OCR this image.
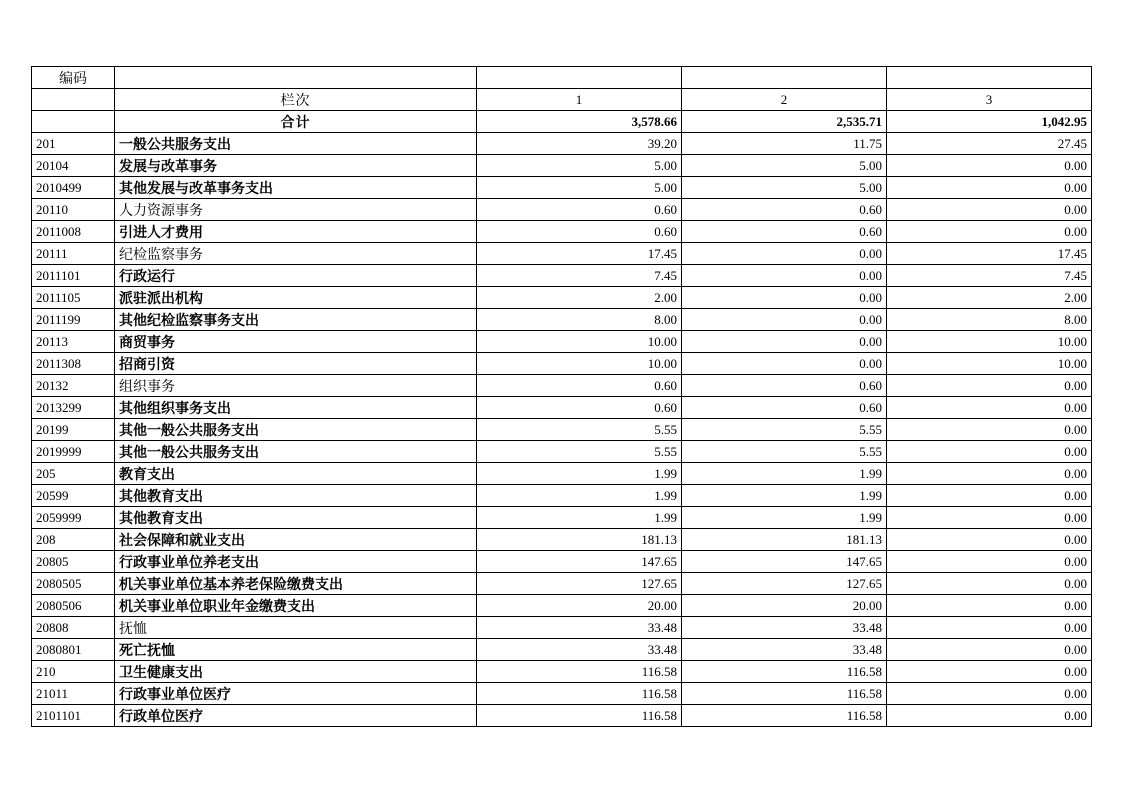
编码				
	栏次	1	2	3
	合计	3,578.66	2,535.71	1,042.95
201	一般公共服务支出	39.20	11.75	27.45
20104	发展与改革事务	5.00	5.00	0.00
2010499	其他发展与改革事务支出	5.00	5.00	0.00
20110	人力资源事务	0.60	0.60	0.00
2011008	引进人才费用	0.60	0.60	0.00
20111	纪检监察事务	17.45	0.00	17.45
2011101	行政运行	7.45	0.00	7.45
2011105	派驻派出机构	2.00	0.00	2.00
2011199	其他纪检监察事务支出	8.00	0.00	8.00
20113	商贸事务	10.00	0.00	10.00
2011308	招商引资	10.00	0.00	10.00
20132	组织事务	0.60	0.60	0.00
2013299	其他组织事务支出	0.60	0.60	0.00
20199	其他一般公共服务支出	5.55	5.55	0.00
2019999	其他一般公共服务支出	5.55	5.55	0.00
205	教育支出	1.99	1.99	0.00
20599	其他教育支出	1.99	1.99	0.00
2059999	其他教育支出	1.99	1.99	0.00
208	社会保障和就业支出	181.13	181.13	0.00
20805	行政事业单位养老支出	147.65	147.65	0.00
2080505	机关事业单位基本养老保险缴费支出	127.65	127.65	0.00
2080506	机关事业单位职业年金缴费支出	20.00	20.00	0.00
20808	抚恤	33.48	33.48	0.00
2080801	死亡抚恤	33.48	33.48	0.00
210	卫生健康支出	116.58	116.58	0.00
21011	行政事业单位医疗	116.58	116.58	0.00
2101101	行政单位医疗	116.58	116.58	0.00
